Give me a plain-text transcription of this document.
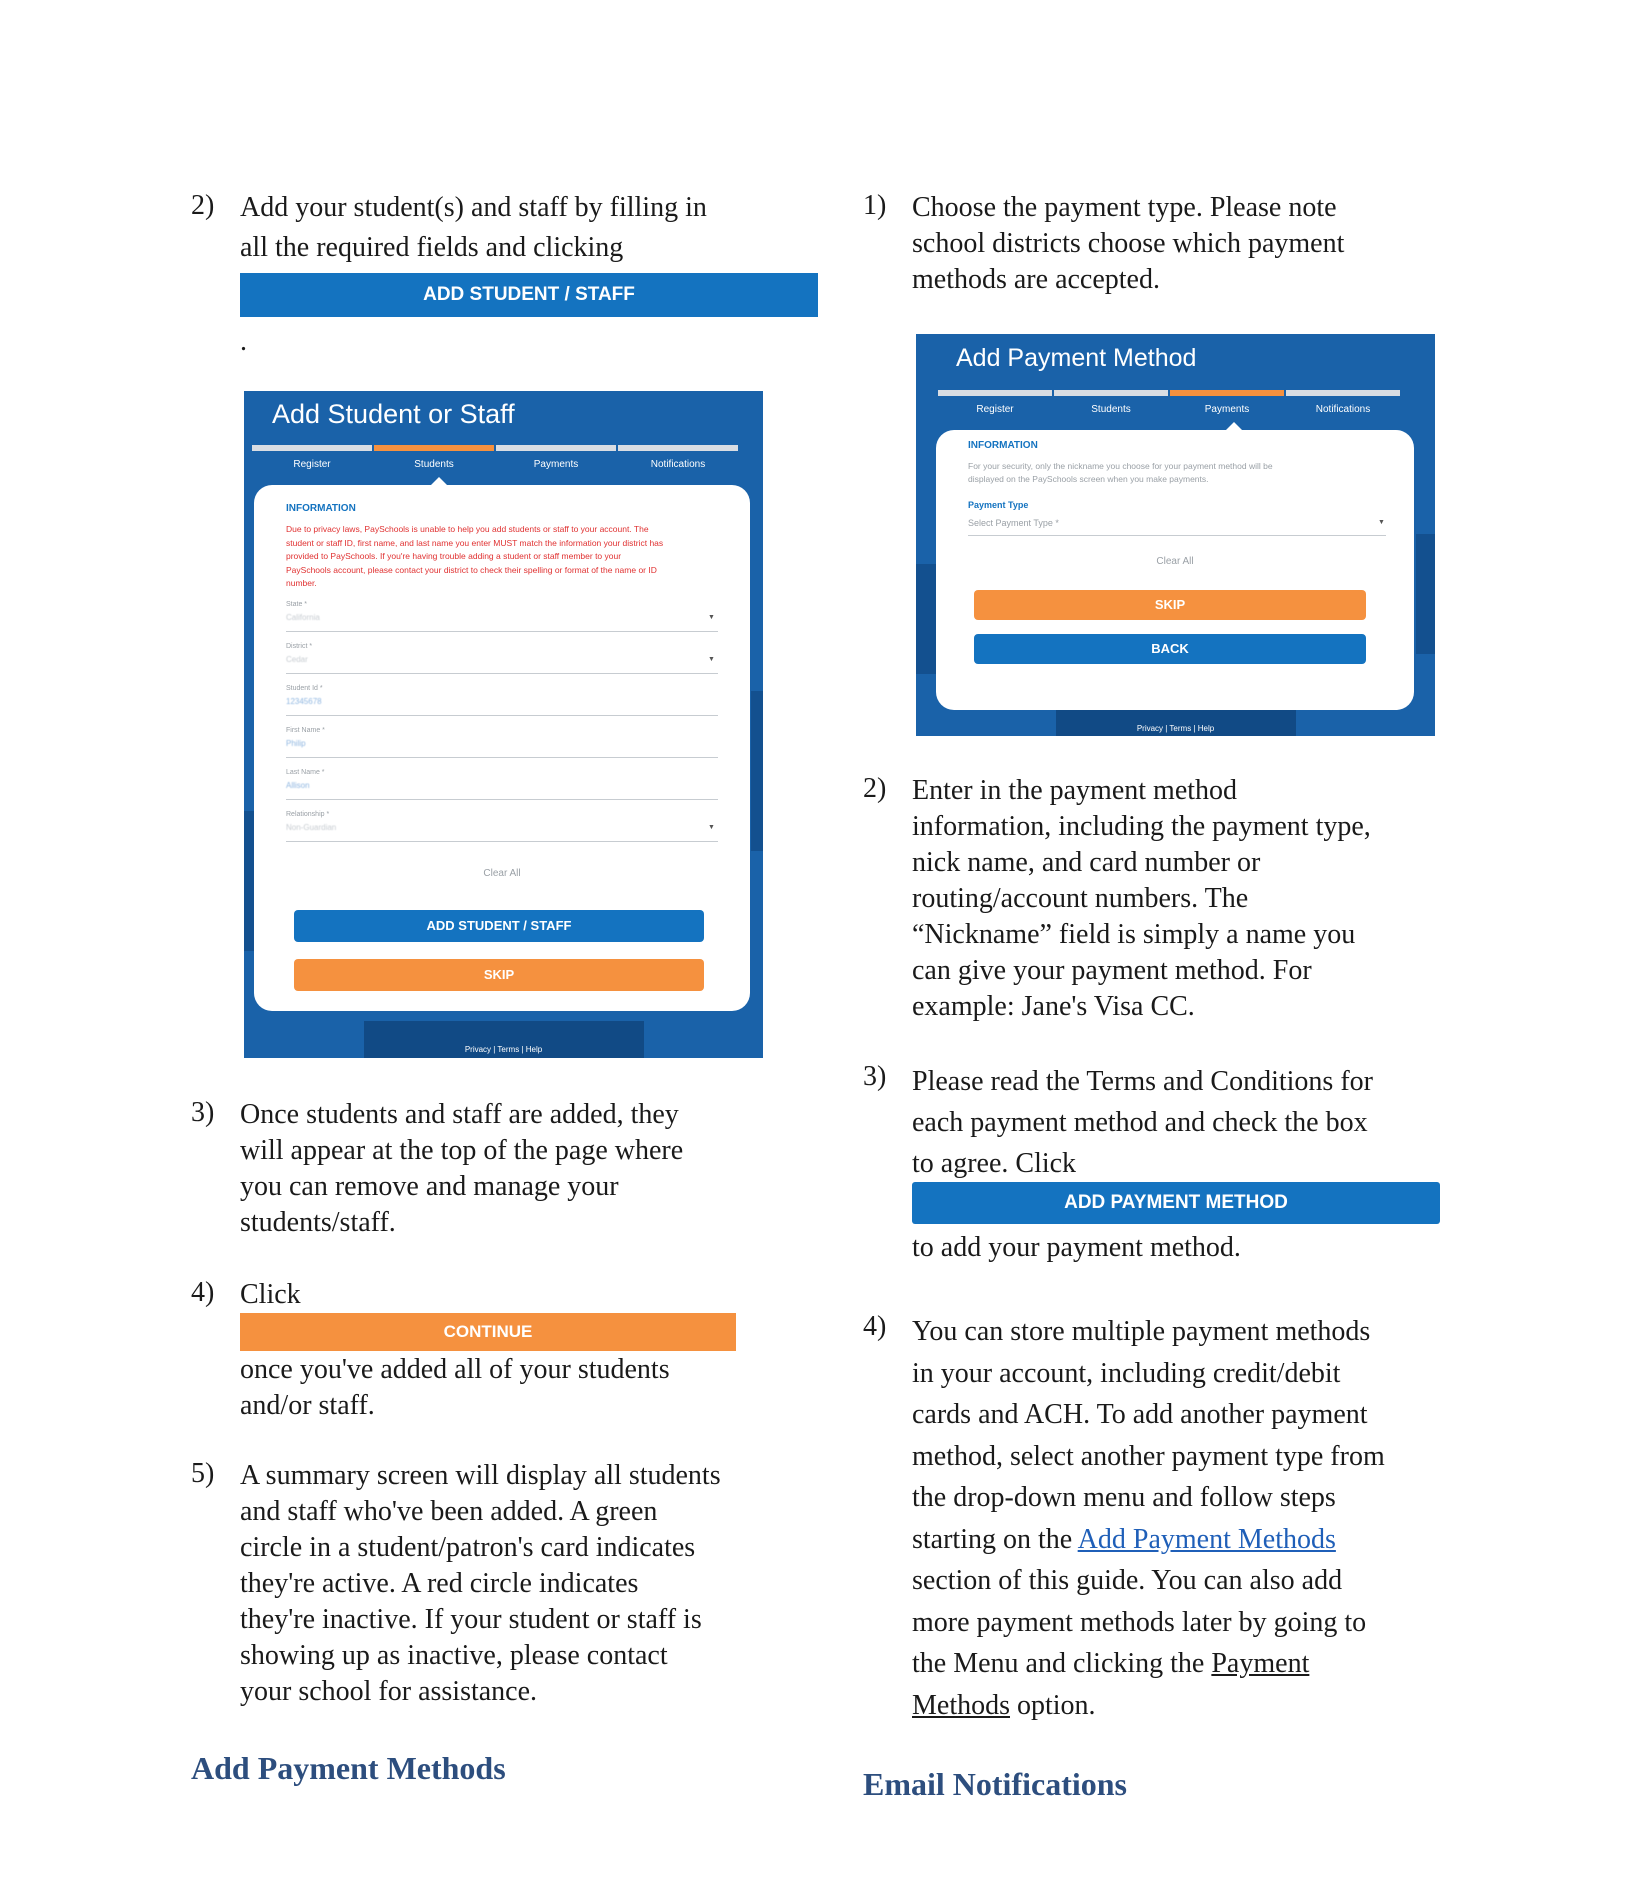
2) Add your student(s) and staff by filling in
all the required fields and clicking
ADD STUDENT / STAFF
.
Add Student or Staff
Register	Students	Payments	Notifications
INFORMATION
Due to privacy laws, PaySchools is unable to help you add students or staff to your account. The
student or staff ID, first name, and last name you enter MUST match the information your district has
provided to PaySchools. If you're having trouble adding a student or staff member to your
PaySchools account, please contact your district to check their spelling or format of the name or ID
number.
State *
California	▼
District *
Cedar	▼
Student Id *
12345678
First Name *
Philip
Last Name *
Allison
Relationship *
Non-Guardian	▼
Clear All
ADD STUDENT / STAFF
SKIP
Privacy | Terms | Help
3) Once students and staff are added, they
will appear at the top of the page where
you can remove and manage your
students/staff.
4) Click
CONTINUE
once you've added all of your students
and/or staff.
5) A summary screen will display all students
and staff who've been added. A green
circle in a student/patron's card indicates
they're active. A red circle indicates
they're inactive. If your student or staff is
showing up as inactive, please contact
your school for assistance.
Add Payment Methods
1) Choose the payment type. Please note
school districts choose which payment
methods are accepted.
Add Payment Method
Register	Students	Payments	Notifications
INFORMATION
For your security, only the nickname you choose for your payment method will be
displayed on the PaySchools screen when you make payments.
Payment Type
Select Payment Type *	▼
Clear All
SKIP
BACK
Privacy | Terms | Help
2) Enter in the payment method
information, including the payment type,
nick name, and card number or
routing/account numbers. The
“Nickname” field is simply a name you
can give your payment method. For
example: Jane's Visa CC.
3) Please read the Terms and Conditions for
each payment method and check the box
to agree. Click
ADD PAYMENT METHOD
to add your payment method.
4) You can store multiple payment methods
in your account, including credit/debit
cards and ACH. To add another payment
method, select another payment type from
the drop-down menu and follow steps
starting on the Add Payment Methods
section of this guide. You can also add
more payment methods later by going to
the Menu and clicking the Payment
Methods option.
Email Notifications
